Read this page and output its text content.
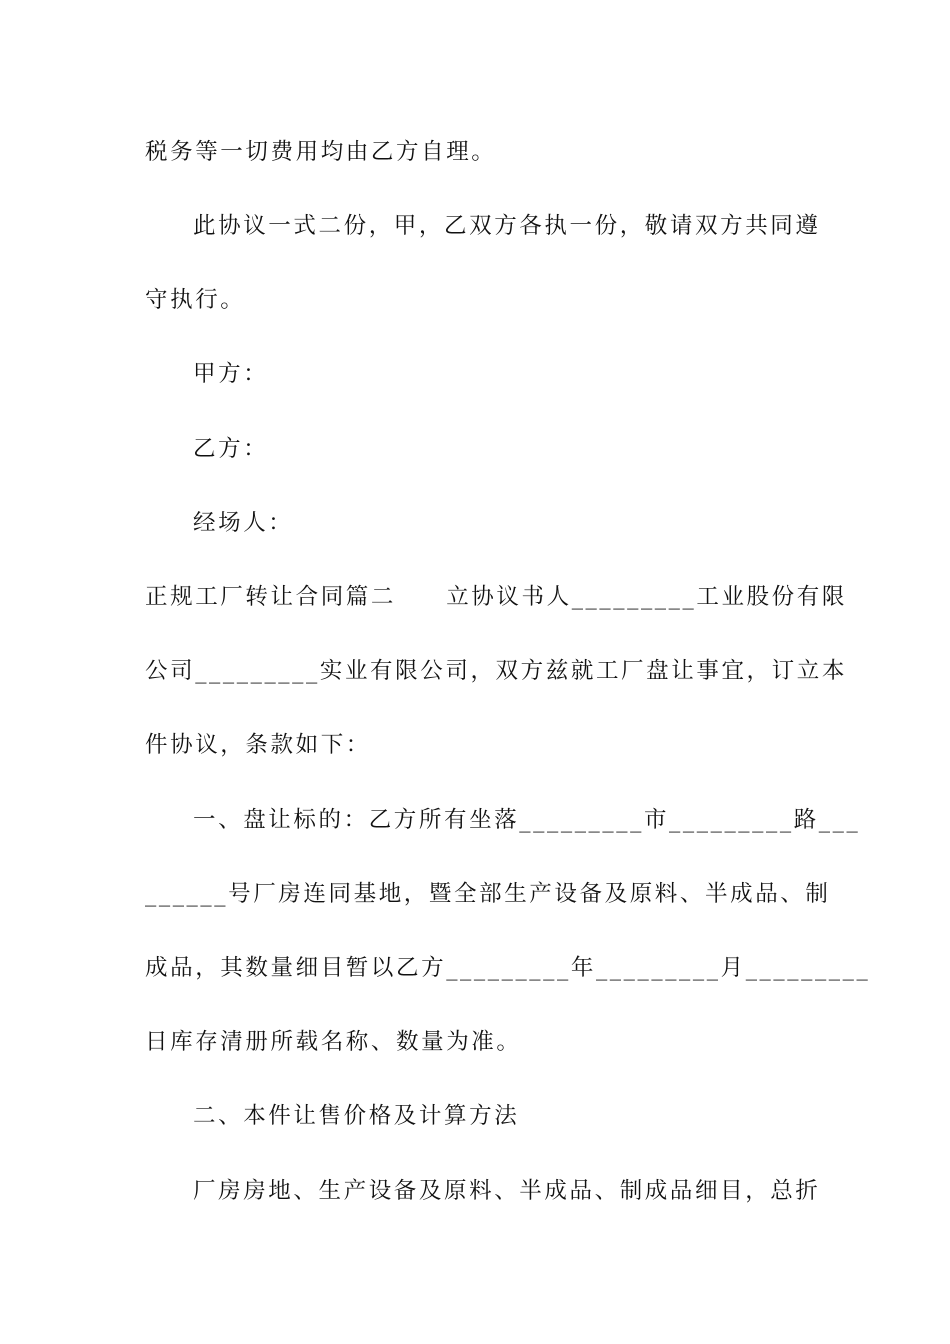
税务等一切费用均由乙方自理。
此协议一式二份，甲，乙双方各执一份，敬请双方共同遵
守执行。
甲方：
乙方：
经场人：
正规工厂转让合同篇二　　立协议书人_________工业股份有限
公司_________实业有限公司，双方兹就工厂盘让事宜，订立本
件协议，条款如下：
一、盘让标的：乙方所有坐落_________市_________路___
______号厂房连同基地，暨全部生产设备及原料、半成品、制
成品，其数量细目暂以乙方_________年_________月_________
日库存清册所载名称、数量为准。
二、本件让售价格及计算方法
厂房房地、生产设备及原料、半成品、制成品细目，总折
